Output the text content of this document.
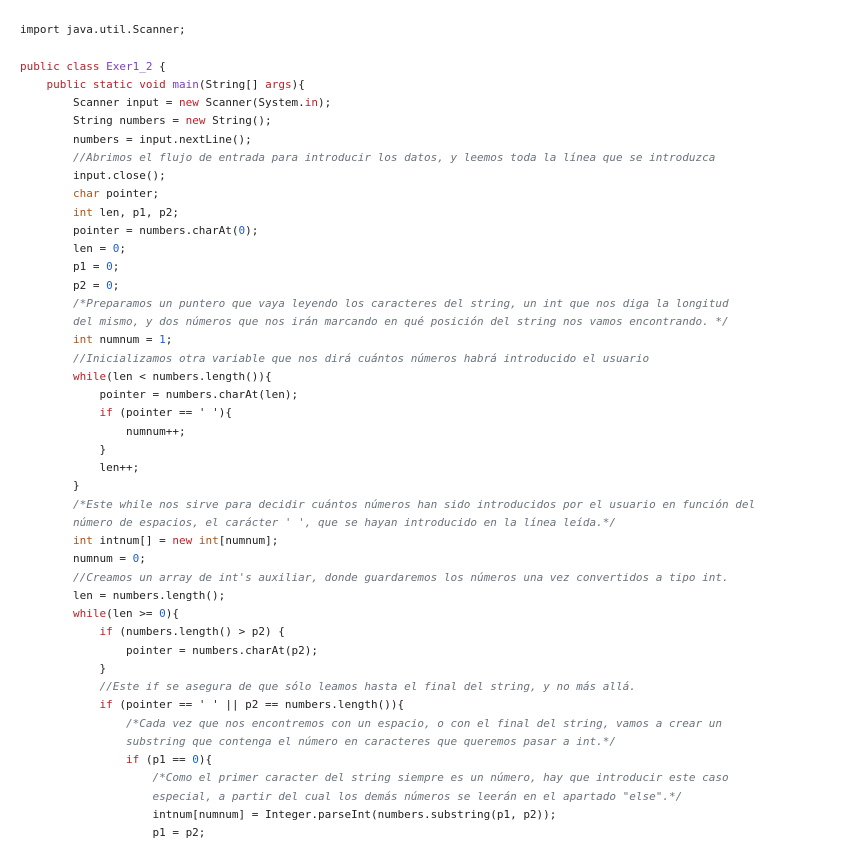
import java.util.Scanner;

public class Exer1_2 {
public static void main(String[] args){
Scanner input = new Scanner(System.in);
String numbers = new String();
numbers = input.nextLine();
//Abrimos el flujo de entrada para introducir los datos, y leemos toda la línea que se introduzca
input.close();
char pointer;
int len, p1, p2;
pointer = numbers.charAt(0);
len = 0;
p1 = 0;
p2 = 0;
/*Preparamos un puntero que vaya leyendo los caracteres del string, un int que nos diga la longitud
del mismo, y dos números que nos irán marcando en qué posición del string nos vamos encontrando. */
int numnum = 1;
//Inicializamos otra variable que nos dirá cuántos números habrá introducido el usuario
while(len < numbers.length()){
pointer = numbers.charAt(len);
if (pointer == ' '){
numnum++;
}
len++;
}
/*Este while nos sirve para decidir cuántos números han sido introducidos por el usuario en función del
número de espacios, el carácter ' ', que se hayan introducido en la línea leída.*/
int intnum[] = new int[numnum];
numnum = 0;
//Creamos un array de int's auxiliar, donde guardaremos los números una vez convertidos a tipo int.
len = numbers.length();
while(len >= 0){
if (numbers.length() > p2) {
pointer = numbers.charAt(p2);
}
//Este if se asegura de que sólo leamos hasta el final del string, y no más allá.
if (pointer == ' ' || p2 == numbers.length()){
/*Cada vez que nos encontremos con un espacio, o con el final del string, vamos a crear un
substring que contenga el número en caracteres que queremos pasar a int.*/
if (p1 == 0){
/*Como el primer caracter del string siempre es un número, hay que introducir este caso
especial, a partir del cual los demás números se leerán en el apartado "else".*/
intnum[numnum] = Integer.parseInt(numbers.substring(p1, p2));
p1 = p2;
